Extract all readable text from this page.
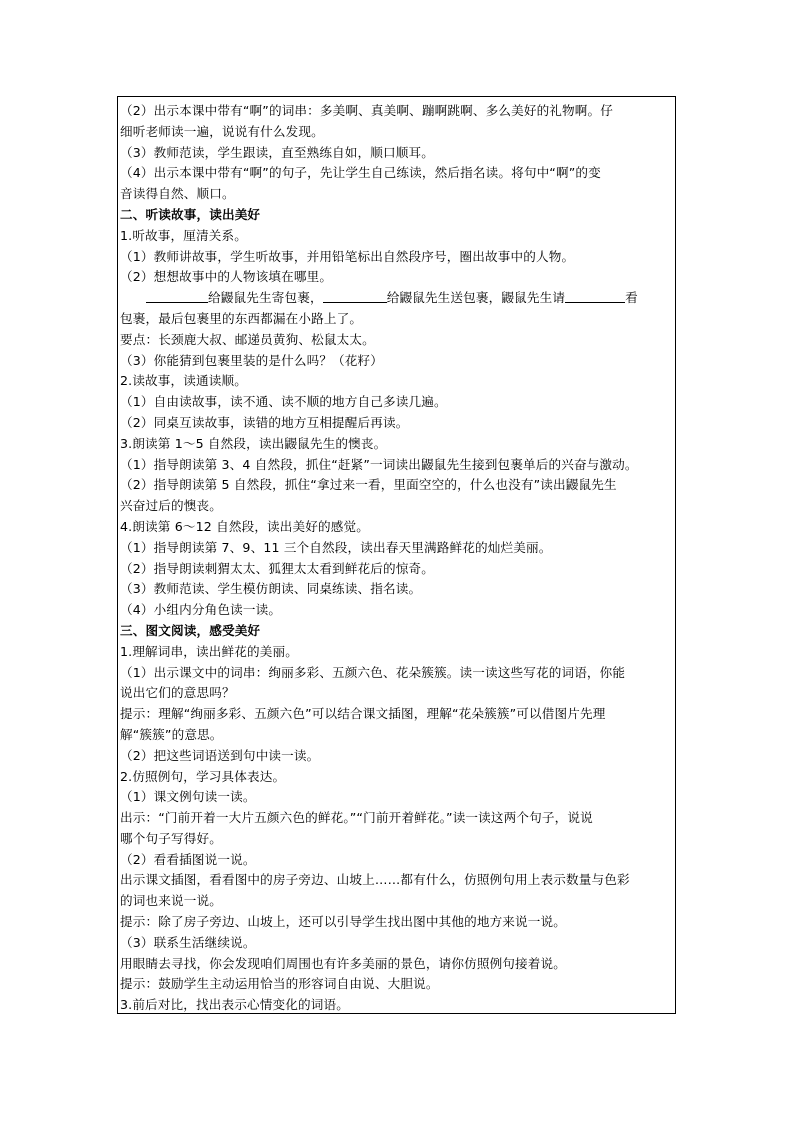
（2）出示本课中带有“啊”的词串：多美啊、真美啊、蹦啊跳啊、多么美好的礼物啊。仔
细听老师读一遍，说说有什么发现。
（3）教师范读，学生跟读，直至熟练自如，顺口顺耳。
（4）出示本课中带有“啊”的句子，先让学生自己练读，然后指名读。将句中“啊”的变
音读得自然、顺口。
二、听读故事，读出美好
1.听故事，厘清关系。
（1）教师讲故事，学生听故事，并用铅笔标出自然段序号，圈出故事中的人物。
（2）想想故事中的人物该填在哪里。
给鼹鼠先生寄包裹，	给鼹鼠先生送包裹，鼹鼠先生请	看
包裹，最后包裹里的东西都漏在小路上了。
要点：长颈鹿大叔、邮递员黄狗、松鼠太太。
（3）你能猜到包裹里装的是什么吗？（花籽）
2.读故事，读通读顺。
（1）自由读故事，读不通、读不顺的地方自己多读几遍。
（2）同桌互读故事，读错的地方互相提醒后再读。
3.朗读第 1～5 自然段，读出鼹鼠先生的懊丧。
（1）指导朗读第 3、4 自然段，抓住“赶紧”一词读出鼹鼠先生接到包裹单后的兴奋与激动。
（2）指导朗读第 5 自然段，抓住“拿过来一看，里面空空的，什么也没有”读出鼹鼠先生
兴奋过后的懊丧。
4.朗读第 6～12 自然段，读出美好的感觉。
（1）指导朗读第 7、9、11 三个自然段，读出春天里满路鲜花的灿烂美丽。
（2）指导朗读刺猬太太、狐狸太太看到鲜花后的惊奇。
（3）教师范读、学生模仿朗读、同桌练读、指名读。
（4）小组内分角色读一读。
三、图文阅读，感受美好
1.理解词串，读出鲜花的美丽。
（1）出示课文中的词串：绚丽多彩、五颜六色、花朵簇簇。读一读这些写花的词语，你能
说出它们的意思吗？
提示：理解“绚丽多彩、五颜六色”可以结合课文插图，理解“花朵簇簇”可以借图片先理
解“簇簇”的意思。
（2）把这些词语送到句中读一读。
2.仿照例句，学习具体表达。
（1）课文例句读一读。
出示：“门前开着一大片五颜六色的鲜花。”“门前开着鲜花。”读一读这两个句子，说说
哪个句子写得好。
（2）看看插图说一说。
出示课文插图，看看图中的房子旁边、山坡上……都有什么，仿照例句用上表示数量与色彩
的词也来说一说。
提示：除了房子旁边、山坡上，还可以引导学生找出图中其他的地方来说一说。
（3）联系生活继续说。
用眼睛去寻找，你会发现咱们周围也有许多美丽的景色，请你仿照例句接着说。
提示：鼓励学生主动运用恰当的形容词自由说、大胆说。
3.前后对比，找出表示心情变化的词语。
